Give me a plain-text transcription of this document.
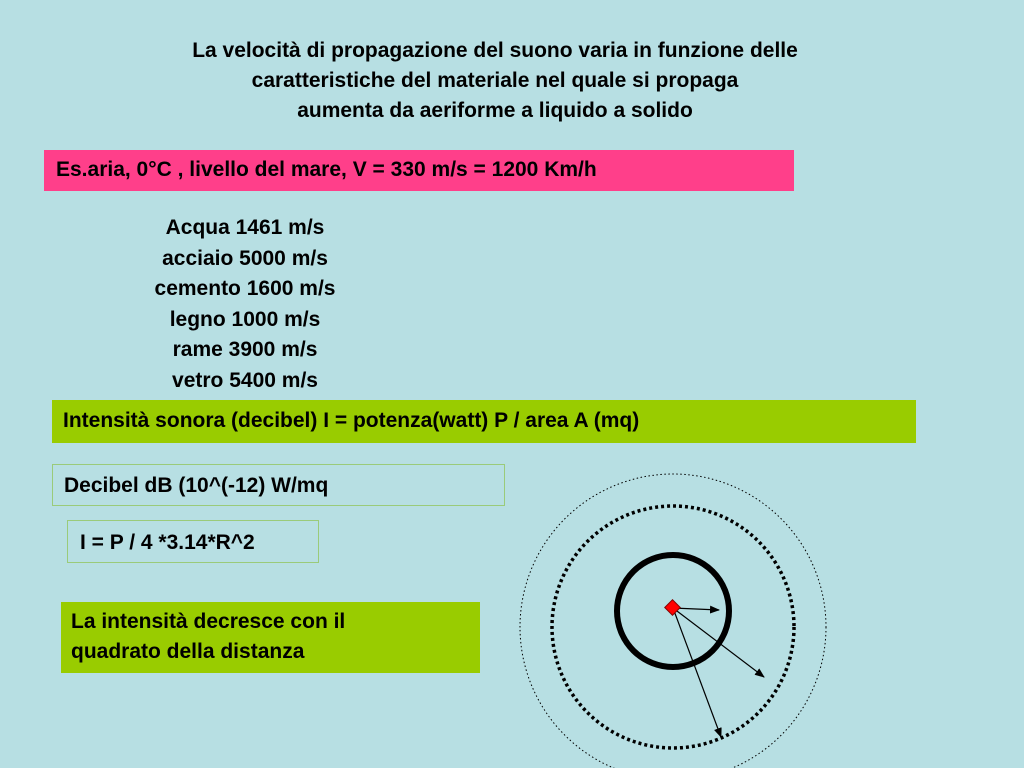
La velocità di propagazione del suono varia in funzione delle
caratteristiche del materiale nel quale si propaga
aumenta da aeriforme a liquido a solido
Es.aria, 0°C , livello del mare, V = 330 m/s = 1200 Km/h
Acqua 1461 m/s
acciaio 5000 m/s
cemento 1600 m/s
legno 1000 m/s
rame 3900 m/s
vetro 5400 m/s
Intensità sonora (decibel) I = potenza(watt) P / area A (mq)
Decibel dB (10^(-12) W/mq
I = P / 4 *3.14*R^2
La intensità decresce con il
quadrato della distanza
